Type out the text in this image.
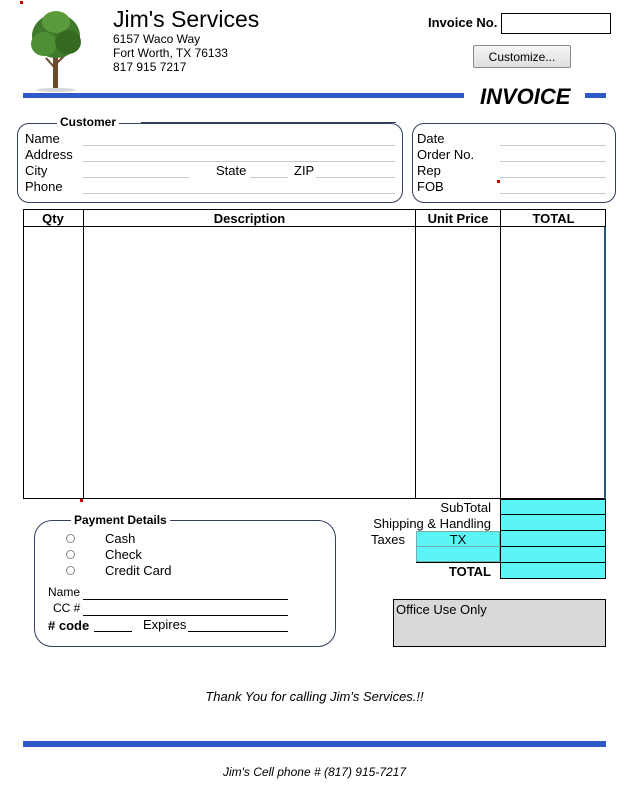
Jim's Services
6157 Waco Way
Fort Worth, TX 76133
817 915 7217
Invoice No.
Customize...
INVOICE
Customer
Name
Address
City	State	ZIP
Phone
Date
Order No.
Rep
FOB
Qty	Description	Unit Price	TOTAL
SubTotal
Shipping & Handling
Taxes	TX
TOTAL
Payment Details
Cash
Check
Credit Card
Name
CC #
# code	Expires
Office Use Only
Thank You for calling Jim's Services.!!
Jim's Cell phone # (817) 915-7217
